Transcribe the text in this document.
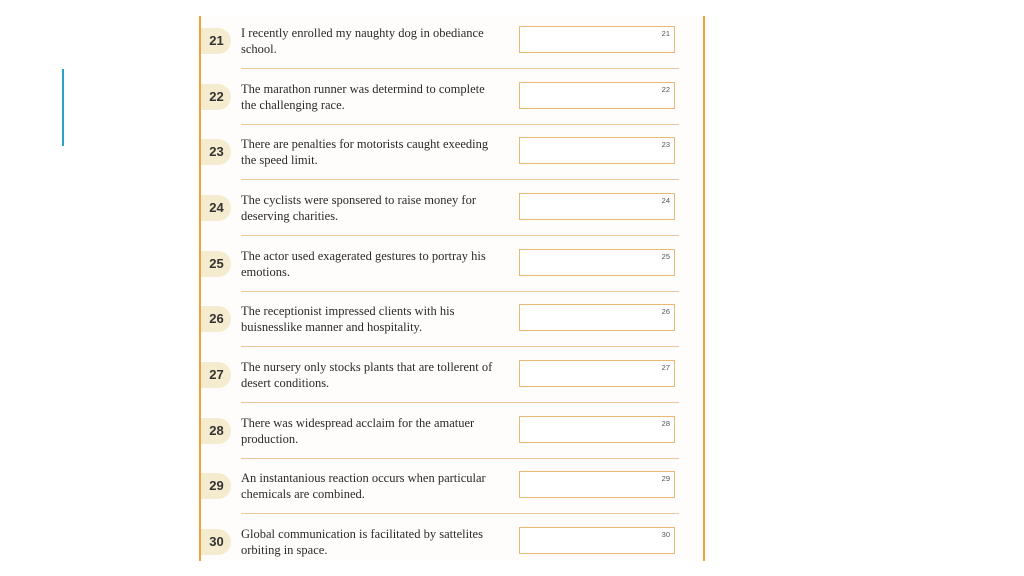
21	I recently enrolled my naughty dog in obediance school.
21
22	The marathon runner was determind to complete the challenging race.
22
23	There are penalties for motorists caught exeeding the speed limit.
23
24	The cyclists were sponsered to raise money for deserving charities.
24
25	The actor used exagerated gestures to portray his emotions.
25
26	The receptionist impressed clients with his buisnesslike manner and hospitality.
26
27	The nursery only stocks plants that are tollerent of desert conditions.
27
28	There was widespread acclaim for the amatuer production.
28
29	An instantanious reaction occurs when particular chemicals are combined.
29
30	Global communication is facilitated by sattelites orbiting in space.
30
